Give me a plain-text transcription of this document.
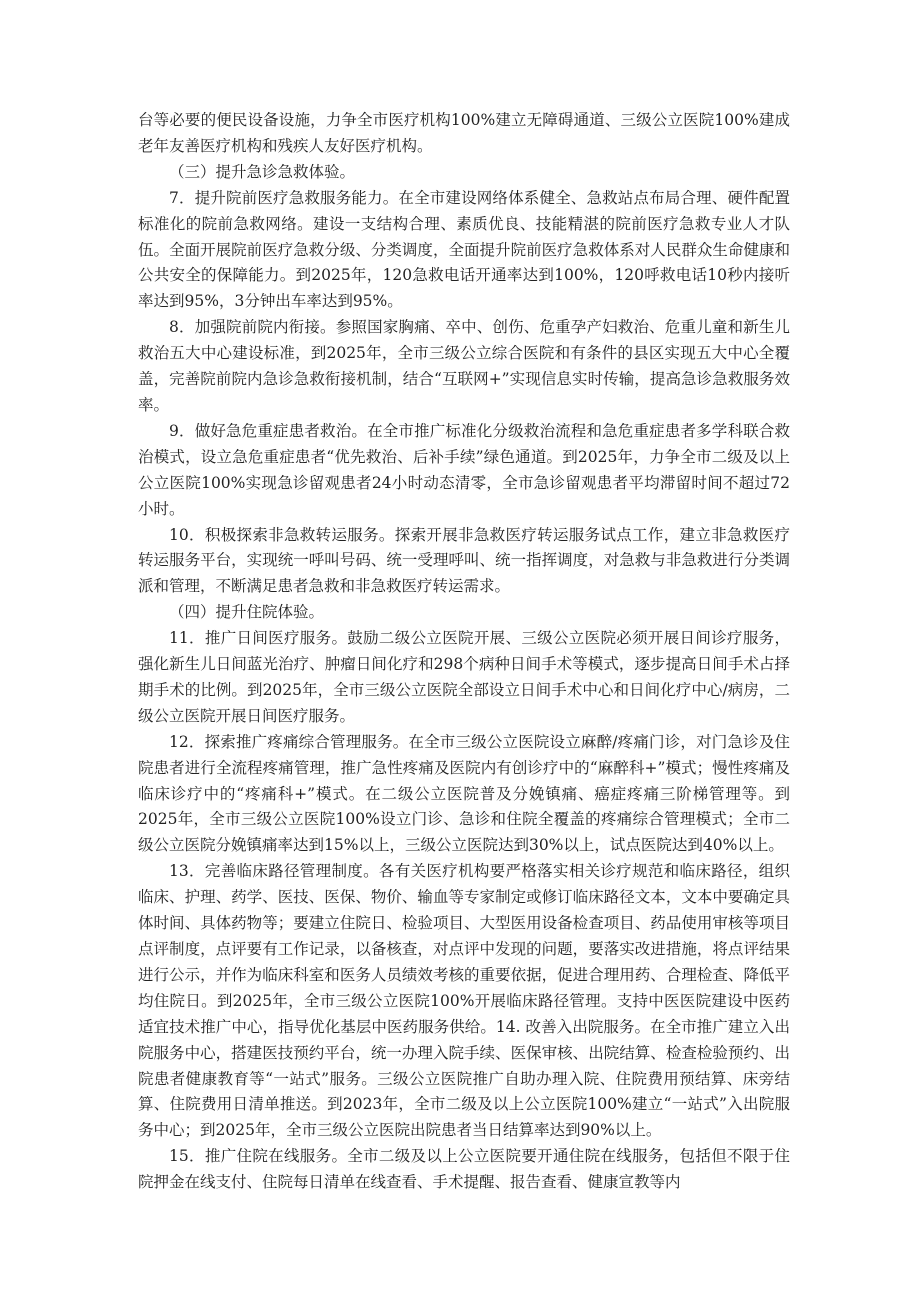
台等必要的便民设备设施，力争全市医疗机构100%建立无障碍通道、三级公立医院100%建成老年友善医疗机构和残疾人友好医疗机构。

（三）提升急诊急救体验。

7．提升院前医疗急救服务能力。在全市建设网络体系健全、急救站点布局合理、硬件配置标准化的院前急救网络。建设一支结构合理、素质优良、技能精湛的院前医疗急救专业人才队伍。全面开展院前医疗急救分级、分类调度，全面提升院前医疗急救体系对人民群众生命健康和公共安全的保障能力。到2025年，120急救电话开通率达到100%，120呼救电话10秒内接听率达到95%，3分钟出车率达到95%。

8．加强院前院内衔接。参照国家胸痛、卒中、创伤、危重孕产妇救治、危重儿童和新生儿救治五大中心建设标准，到2025年，全市三级公立综合医院和有条件的县区实现五大中心全覆盖，完善院前院内急诊急救衔接机制，结合“互联网+”实现信息实时传输，提高急诊急救服务效率。

9．做好急危重症患者救治。在全市推广标准化分级救治流程和急危重症患者多学科联合救治模式，设立急危重症患者“优先救治、后补手续”绿色通道。到2025年，力争全市二级及以上公立医院100%实现急诊留观患者24小时动态清零，全市急诊留观患者平均滞留时间不超过72小时。

10．积极探索非急救转运服务。探索开展非急救医疗转运服务试点工作，建立非急救医疗转运服务平台，实现统一呼叫号码、统一受理呼叫、统一指挥调度，对急救与非急救进行分类调派和管理，不断满足患者急救和非急救医疗转运需求。

（四）提升住院体验。

11．推广日间医疗服务。鼓励二级公立医院开展、三级公立医院必须开展日间诊疗服务，强化新生儿日间蓝光治疗、肿瘤日间化疗和298个病种日间手术等模式，逐步提高日间手术占择期手术的比例。到2025年，全市三级公立医院全部设立日间手术中心和日间化疗中心/病房，二级公立医院开展日间医疗服务。

12．探索推广疼痛综合管理服务。在全市三级公立医院设立麻醉/疼痛门诊，对门急诊及住院患者进行全流程疼痛管理，推广急性疼痛及医院内有创诊疗中的“麻醉科+”模式；慢性疼痛及临床诊疗中的“疼痛科+”模式。在二级公立医院普及分娩镇痛、癌症疼痛三阶梯管理等。到2025年，全市三级公立医院100%设立门诊、急诊和住院全覆盖的疼痛综合管理模式；全市二级公立医院分娩镇痛率达到15%以上，三级公立医院达到30%以上，试点医院达到40%以上。

13．完善临床路径管理制度。各有关医疗机构要严格落实相关诊疗规范和临床路径，组织临床、护理、药学、医技、医保、物价、输血等专家制定或修订临床路径文本，文本中要确定具体时间、具体药物等；要建立住院日、检验项目、大型医用设备检查项目、药品使用审核等项目点评制度，点评要有工作记录，以备核查，对点评中发现的问题，要落实改进措施，将点评结果进行公示，并作为临床科室和医务人员绩效考核的重要依据，促进合理用药、合理检查、降低平均住院日。到2025年，全市三级公立医院100%开展临床路径管理。支持中医医院建设中医药适宜技术推广中心，指导优化基层中医药服务供给。14. 改善入出院服务。在全市推广建立入出院服务中心，搭建医技预约平台，统一办理入院手续、医保审核、出院结算、检查检验预约、出院患者健康教育等“一站式”服务。三级公立医院推广自助办理入院、住院费用预结算、床旁结算、住院费用日清单推送。到2023年，全市二级及以上公立医院100%建立“一站式”入出院服务中心；到2025年，全市三级公立医院出院患者当日结算率达到90%以上。

15．推广住院在线服务。全市二级及以上公立医院要开通住院在线服务，包括但不限于住院押金在线支付、住院每日清单在线查看、手术提醒、报告查看、健康宣教等内
